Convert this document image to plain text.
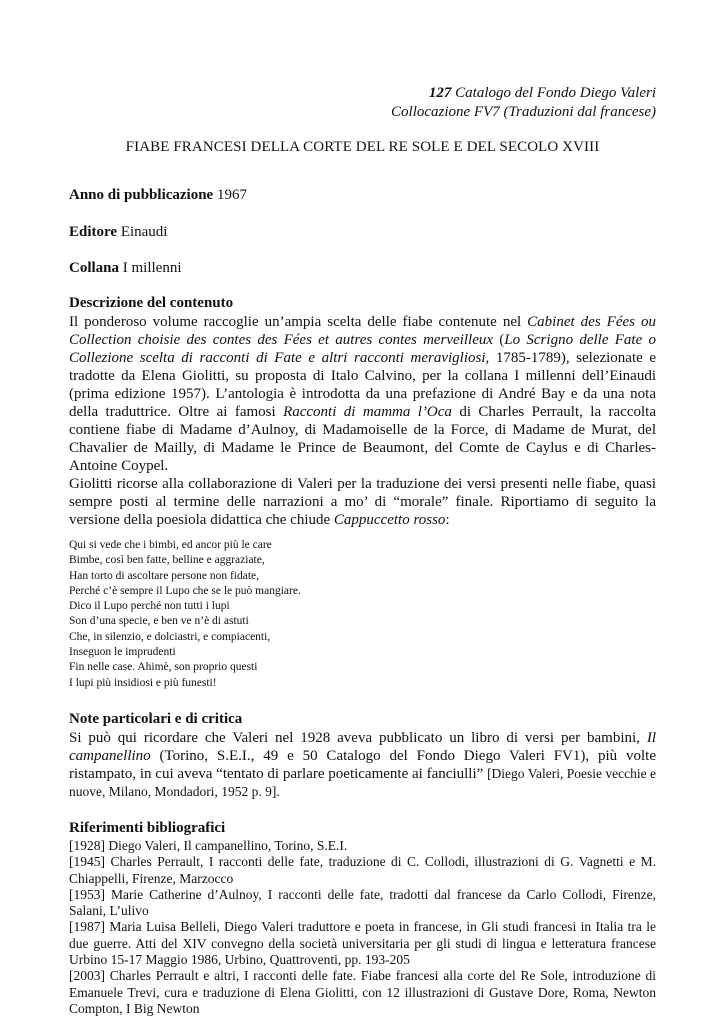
127 Catalogo del Fondo Diego Valeri
Collocazione FV7 (Traduzioni dal francese)
FIABE FRANCESI DELLA CORTE DEL RE SOLE E DEL SECOLO XVIII
Anno di pubblicazione 1967
Editore Einaudi
Collana I millenni
Descrizione del contenuto
Il ponderoso volume raccoglie un’ampia scelta delle fiabe contenute nel Cabinet des Fées ou Collection choisie des contes des Fées et autres contes merveilleux (Lo Scrigno delle Fate o Collezione scelta di racconti di Fate e altri racconti meravigliosi, 1785-1789), selezionate e tradotte da Elena Giolitti, su proposta di Italo Calvino, per la collana I millenni dell’Einaudi (prima edizione 1957). L’antologia è introdotta da una prefazione di André Bay e da una nota della traduttrice. Oltre ai famosi Racconti di mamma l’Oca di Charles Perrault, la raccolta contiene fiabe di Madame d’Aulnoy, di Madamoiselle de la Force, di Madame de Murat, del Chavalier de Mailly, di Madame le Prince de Beaumont, del Comte de Caylus e di Charles-Antoine Coypel.
Giolitti ricorse alla collaborazione di Valeri per la traduzione dei versi presenti nelle fiabe, quasi sempre posti al termine delle narrazioni a mo’ di “morale” finale. Riportiamo di seguito la versione della poesiola didattica che chiude Cappuccetto rosso:
Qui si vede che i bimbi, ed ancor più le care
Bimbe, così ben fatte, belline e aggraziate,
Han torto di ascoltare persone non fidate,
Perché c’è sempre il Lupo che se le può mangiare.
Dico il Lupo perché non tutti i lupi
Son d’una specie, e ben ve n’è di astuti
Che, in silenzio, e dolciastri, e compiacenti,
Inseguon le imprudenti
Fin nelle case. Ahimè, son proprio questi
I lupi più insidiosi e più funesti!
Note particolari e di critica
Si può qui ricordare che Valeri nel 1928 aveva pubblicato un libro di versi per bambini, Il campanellino (Torino, S.E.I., 49 e 50 Catalogo del Fondo Diego Valeri FV1), più volte ristampato, in cui aveva “tentato di parlare poeticamente ai fanciulli” [Diego Valeri, Poesie vecchie e nuove, Milano, Mondadori, 1952 p. 9].
Riferimenti bibliografici
[1928] Diego Valeri, Il campanellino, Torino, S.E.I.
[1945] Charles Perrault, I racconti delle fate, traduzione di C. Collodi, illustrazioni di G. Vagnetti e M. Chiappelli, Firenze, Marzocco
[1953] Marie Catherine d’Aulnoy, I racconti delle fate, tradotti dal francese da Carlo Collodi, Firenze, Salani, L’ulivo
[1987] Maria Luisa Belleli, Diego Valeri traduttore e poeta in francese, in Gli studi francesi in Italia tra le due guerre. Atti del XIV convegno della società universitaria per gli studi di lingua e letteratura francese Urbino 15-17 Maggio 1986, Urbino, Quattroventi, pp. 193-205
[2003] Charles Perrault e altri, I racconti delle fate. Fiabe francesi alla corte del Re Sole, introduzione di Emanuele Trevi, cura e traduzione di Elena Giolitti, con 12 illustrazioni di Gustave Dore, Roma, Newton Compton, I Big Newton
